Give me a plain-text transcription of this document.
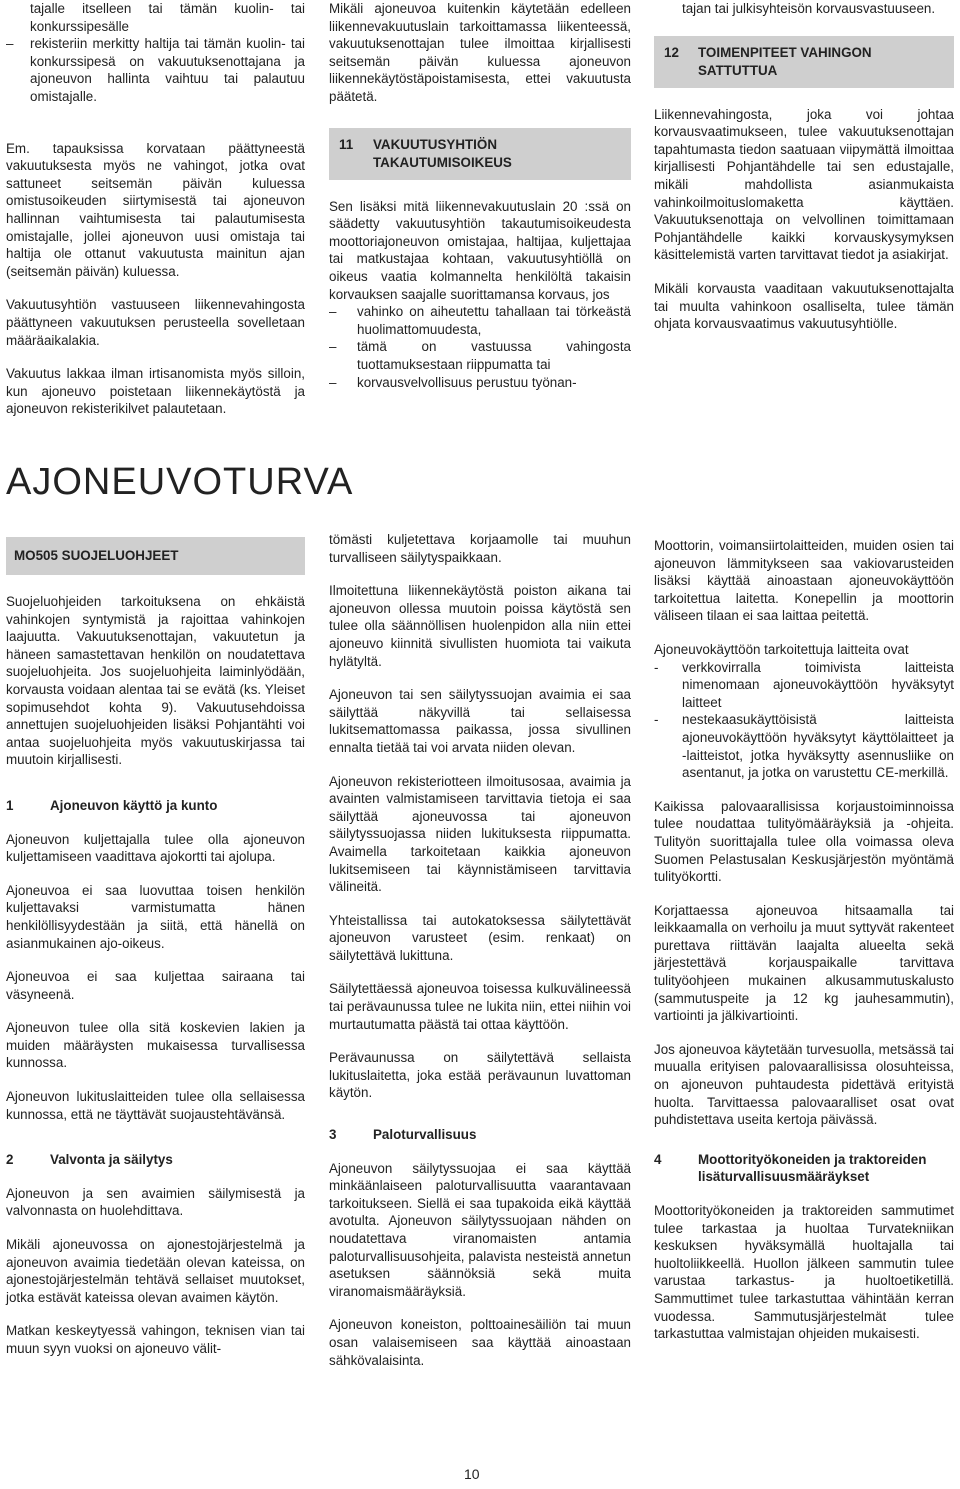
tajalle itselleen tai tämän kuolin- tai konkurssipesälle
–	rekisteriin merkitty haltija tai tämän kuolin- tai konkurssipesä on vakuutuksenottajana ja ajoneuvon hallinta vaihtuu tai palautuu omistajalle.

Em. tapauksissa korvataan päättyneestä vakuutuksesta myös ne vahingot, jotka ovat sattuneet seitsemän päivän kuluessa omistusoikeuden siirtymisestä tai ajoneuvon hallinnan vaihtumisesta tai palautumisesta omistajalle, jollei ajoneuvon uusi omistaja tai haltija ole ottanut vakuutusta mainitun ajan (seitsemän päivän) kuluessa.

Vakuutusyhtiön vastuuseen liikennevahingosta päättyneen vakuutuksen perusteella sovelletaan määräaikalakia.

Vakuutus lakkaa ilman irtisanomista myös silloin, kun ajoneuvo poistetaan liikennekäytöstä ja ajoneuvon rekisterikilvet palautetaan.

Mikäli ajoneuvoa kuitenkin käytetään edelleen liikennevakuutuslain tarkoittamassa liikenteessä, vakuutuksenottajan tulee ilmoittaa kirjallisesti seitsemän päivän kuluessa ajoneuvon liikennekäytöstäpoistamisesta, ettei vakuutusta päätetä.

11	VAKUUTUSYHTIÖN TAKAUTUMISOIKEUS

Sen lisäksi mitä liikennevakuutuslain 20 :ssä on säädetty vakuutusyhtiön takautumisoikeudesta moottoriajoneuvon omistajaa, haltijaa, kuljettajaa tai matkustajaa kohtaan, vakuutusyhtiöllä on oikeus vaatia kolmannelta henkilöltä takaisin korvauksen saajalle suorittamansa korvaus, jos

–	vahinko on aiheutettu tahallaan tai törkeästä huolimattomuudesta,
–	tämä on vastuussa vahingosta tuottamuksestaan riippumatta tai
–	korvausvelvollisuus perustuu työnan-
tajan tai julkisyhteisön korvausvastuuseen.
12	TOIMENPITEET VAHINGON SATTUTTUA

Liikennevahingosta, joka voi johtaa korvausvaatimukseen, tulee vakuutuksenottajan tapahtumasta tiedon saatuaan viipymättä ilmoittaa kirjallisesti Pohjantähdelle tai sen edustajalle, mikäli mahdollista asianmukaista vahinkoilmoituslomaketta käyttäen. Vakuutuksenottaja on velvollinen toimittamaan Pohjantähdelle kaikki korvauskysymyksen käsittelemistä varten tarvittavat tiedot ja asiakirjat.

Mikäli korvausta vaaditaan vakuutuksenottajalta tai muulta vahinkoon osalliselta, tulee tämän ohjata korvausvaatimus vakuutusyhtiölle.

AJONEUVOTURVA
MO505 SUOJELUOHJEET

Suojeluohjeiden tarkoituksena on ehkäistä vahinkojen syntymistä ja rajoittaa vahinkojen laajuutta. Vakuutuksenottajan, vakuutetun ja häneen samastettavan henkilön on noudatettava suojeluohjeita. Jos suojeluohjeita laiminlyödään, korvausta voidaan alentaa tai se evätä (ks. Yleiset sopimusehdot kohta 9). Vakuutusehdoissa annettujen suojeluohjeiden lisäksi Pohjantähti voi antaa suojeluohjeita myös vakuutuskirjassa tai muutoin kirjallisesti.

1	Ajoneuvon käyttö ja kunto

Ajoneuvon kuljettajalla tulee olla ajoneuvon kuljettamiseen vaadittava ajokortti tai ajolupa.

Ajoneuvoa ei saa luovuttaa toisen henkilön kuljettavaksi varmistumatta hänen henkilöllisyydestään ja siitä, että hänellä on asianmukainen ajo-oikeus.

Ajoneuvoa ei saa kuljettaa sairaana tai väsyneenä.

Ajoneuvon tulee olla sitä koskevien lakien ja muiden määräysten mukaisessa turvallisessa kunnossa.

Ajoneuvon lukituslaitteiden tulee olla sellaisessa kunnossa, että ne täyttävät suojaustehtävänsä.

2	Valvonta ja säilytys

Ajoneuvon ja sen avaimien säilymisestä ja valvonnasta on huolehdittava.

Mikäli ajoneuvossa on ajonestojärjestelmä ja ajoneuvon avaimia tiedetään olevan kateissa, on ajonestojärjestelmän tehtävä sellaiset muutokset, jotka estävät kateissa olevan avaimen käytön.

Matkan keskeytyessä vahingon, teknisen vian tai muun syyn vuoksi on ajoneuvo välit-

tömästi kuljetettava korjaamolle tai muuhun turvalliseen säilytyspaikkaan.

Ilmoitettuna liikennekäytöstä poiston aikana tai ajoneuvon ollessa muutoin poissa käytöstä sen tulee olla säännöllisen huolenpidon alla niin ettei ajoneuvo kiinnitä sivullisten huomiota tai vaikuta hylätyltä.

Ajoneuvon tai sen säilytyssuojan avaimia ei saa säilyttää näkyvillä tai sellaisessa lukitsemattomassa paikassa, jossa sivullinen ennalta tietää tai voi arvata niiden olevan.

Ajoneuvon rekisteriotteen ilmoitusosaa, avaimia ja avainten valmistamiseen tarvittavia tietoja ei saa säilyttää ajoneuvossa tai ajoneuvon säilytyssuojassa niiden lukituksesta riippumatta. Avaimella tarkoitetaan kaikkia ajoneuvon lukitsemiseen tai käynnistämiseen tarvittavia välineitä.

Yhteistallissa tai autokatoksessa säilytettävät ajoneuvon varusteet (esim. renkaat) on säilytettävä lukittuna.

Säilytettäessä ajoneuvoa toisessa kulkuvälineessä tai perävaunussa tulee ne lukita niin, ettei niihin voi murtautumatta päästä tai ottaa käyttöön.

Perävaunussa on säilytettävä sellaista lukituslaitetta, joka estää perävaunun luvattoman käytön.

3	Paloturvallisuus

Ajoneuvon säilytyssuojaa ei saa käyttää minkäänlaiseen paloturvallisuutta vaarantavaan tarkoitukseen. Siellä ei saa tupakoida eikä käyttää avotulta. Ajoneuvon säilytyssuojaan nähden on noudatettava viranomaisten antamia paloturvallisuusohjeita, palavista nesteistä annetun asetuksen säännöksiä sekä muita viranomaismääräyksiä.

Ajoneuvon koneiston, polttoainesäiliön tai muun osan valaisemiseen saa käyttää ainoastaan sähkövalaisinta.

Moottorin, voimansiirtolaitteiden, muiden osien tai ajoneuvon lämmitykseen saa vakiovarusteiden lisäksi käyttää ainoastaan ajoneuvokäyttöön tarkoitettua laitetta. Konepellin ja moottorin väliseen tilaan ei saa laittaa peitettä.

Ajoneuvokäyttöön tarkoitettuja laitteita ovat

-	verkkovirralla toimivista laitteista nimenomaan ajoneuvokäyttöön hyväksytyt laitteet
-	nestekaasukäyttöisistä laitteista ajoneuvokäyttöön hyväksytyt käyttölaitteet ja -laitteistot, jotka hyväksytty asennusliike on asentanut, ja jotka on varustettu CE-merkillä.

Kaikissa palovaarallisissa korjaustoiminnoissa tulee noudattaa tulityömääräyksiä ja -ohjeita. Tulityön suorittajalla tulee olla voimassa oleva Suomen Pelastusalan Keskusjärjestön myöntämä tulityökortti.

Korjattaessa ajoneuvoa hitsaamalla tai leikkaamalla on verhoilu ja muut syttyvät rakenteet purettava riittävän laajalta alueelta sekä järjestettävä korjauspaikalle tarvittava tulityöohjeen mukainen alkusammutuskalusto (sammutuspeite ja 12 kg jauhesammutin), vartiointi ja jälkivartiointi.

Jos ajoneuvoa käytetään turvesuolla, metsässä tai muualla erityisen palovaarallisissa olosuhteissa, on ajoneuvon puhtaudesta pidettävä erityistä huolta. Tarvittaessa palovaaralliset osat ovat puhdistettava useita kertoja päivässä.

4	Moottorityökoneiden ja traktoreiden lisäturvallisuusmääräykset

Moottorityökoneiden ja traktoreiden sammutimet tulee tarkastaa ja huoltaa Turvatekniikan keskuksen hyväksymällä huoltajalla tai huoltoliikkeellä. Huollon jälkeen sammutin tulee varustaa tarkastus- ja huoltoetiketillä. Sammuttimet tulee tarkastuttaa vähintään kerran vuodessa. Sammutusjärjestelmät tulee tarkastuttaa valmistajan ohjeiden mukaisesti.

10
